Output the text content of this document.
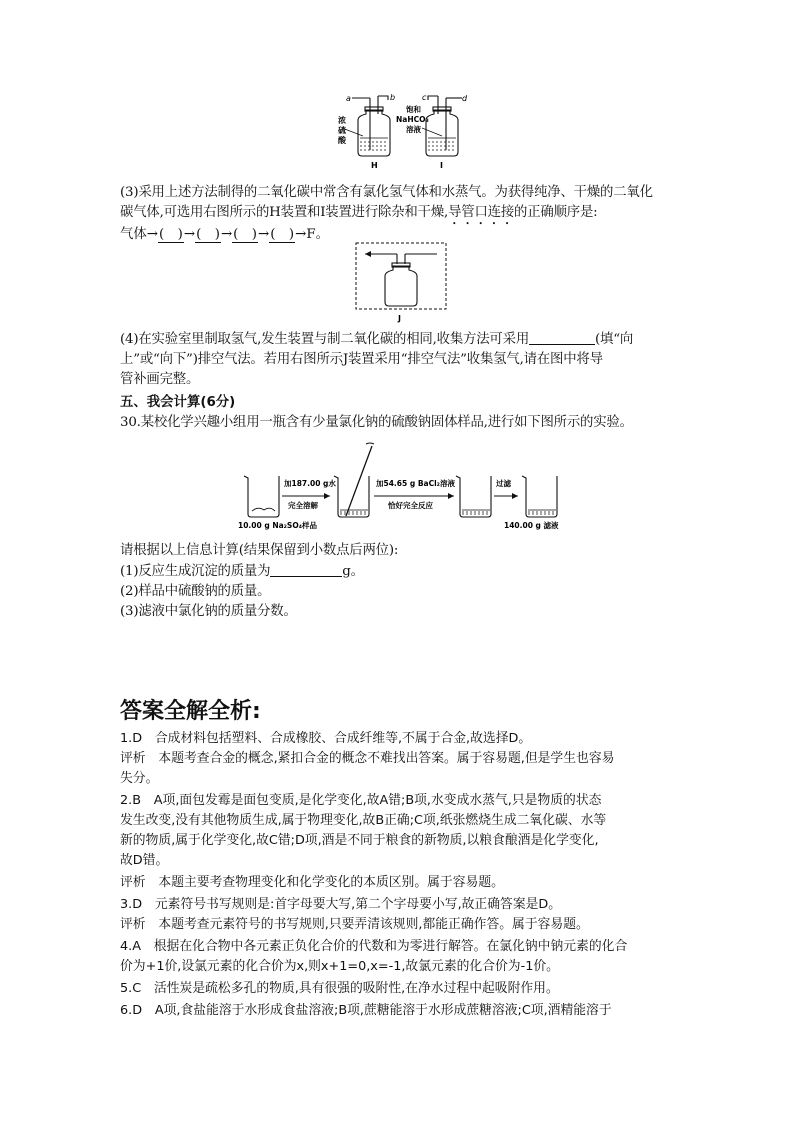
a	b	c	d
浓
硫
酸
饱和
NaHCO₃
溶液
H	I
(3)采用上述方法制得的二氧化碳中常含有氯化氢气体和水蒸气。为获得纯净、干燥的二氧化
碳气体,可选用右图所示的H装置和I装置进行除杂和干燥,导管口连接的正确顺序是:
气体→(　)→(　)→(　)→(　)→F。
J
(4)在实验室里制取氢气,发生装置与制二氧化碳的相同,收集方法可采用	(填“向
上”或“向下”)排空气法。若用右图所示J装置采用“排空气法”收集氢气,请在图中将导
管补画完整。
五、我会计算(6分)
30.某校化学兴趣小组用一瓶含有少量氯化钠的硫酸钠固体样品,进行如下图所示的实验。
加187.00 g水
完全溶解
加54.65 g BaCl₂溶液
恰好完全反应
过滤
10.00 g Na₂SO₄样品	140.00 g 滤液
请根据以上信息计算(结果保留到小数点后两位):
(1)反应生成沉淀的质量为	g。
(2)样品中硫酸钠的质量。
(3)滤液中氯化钠的质量分数。
答案全解全析:
1.D　合成材料包括塑料、合成橡胶、合成纤维等,不属于合金,故选择D。
评析　本题考查合金的概念,紧扣合金的概念不难找出答案。属于容易题,但是学生也容易
失分。
2.B　A项,面包发霉是面包变质,是化学变化,故A错;B项,水变成水蒸气,只是物质的状态
发生改变,没有其他物质生成,属于物理变化,故B正确;C项,纸张燃烧生成二氧化碳、水等
新的物质,属于化学变化,故C错;D项,酒是不同于粮食的新物质,以粮食酿酒是化学变化,
故D错。
评析　本题主要考查物理变化和化学变化的本质区别。属于容易题。
3.D　元素符号书写规则是:首字母要大写,第二个字母要小写,故正确答案是D。
评析　本题考查元素符号的书写规则,只要弄清该规则,都能正确作答。属于容易题。
4.A　根据在化合物中各元素正负化合价的代数和为零进行解答。在氯化钠中钠元素的化合
价为+1价,设氯元素的化合价为x,则x+1=0,x=-1,故氯元素的化合价为-1价。
5.C　活性炭是疏松多孔的物质,具有很强的吸附性,在净水过程中起吸附作用。
6.D　A项,食盐能溶于水形成食盐溶液;B项,蔗糖能溶于水形成蔗糖溶液;C项,酒精能溶于
